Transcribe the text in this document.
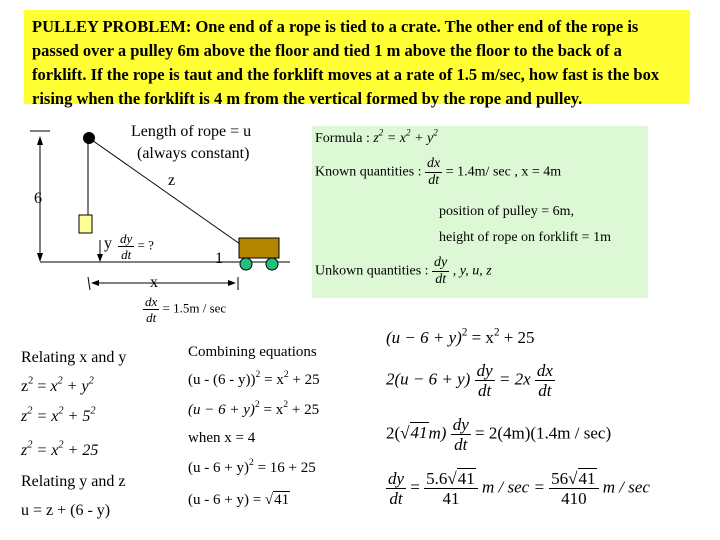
PULLEY PROBLEM: One end of a rope is tied to a crate. The other end of the rope is
passed over a pulley 6m above the floor and tied 1 m above the floor to the back of a
forklift. If the rope is taut and the forklift moves at a rate of 1.5 m/sec, how fast is the box
rising when the forklift is 4 m from the vertical formed by the rope and pulley.
Length of rope = u
(always constant)
z
6
y $\frac{dy}{dt}$ = ?
1
x
$\frac{dx}{dt} = 1.5m / \sec$
Formula : $z^2 = x^2 + y^2$
Known quantities : $\frac{dx}{dt} = 1.4m/$ sec , x = 4m
position of pulley = 6m,
height of rope on forklift = 1m
Unkown quantities : $\frac{dy}{dt}$ , y, u, z
Relating x and y
$z^2 = x^2 + y^2$
$z^2 = x^2 + 5^2$
$z^2 = x^2 + 25$
Relating y and z
u = z + (6 - y)
Combining equations
$(u - (6 - y))^2 = x^2 + 25$
$(u - 6 + y)^2 = x^2 + 25$
when x = 4
$(u - 6 + y)^2 = 16 + 25$
(u - 6 + y) = √41
$(u - 6 + y)^2 = x^2 + 25$
$2(u - 6 + y) \frac{dy}{dt} = 2x \frac{dx}{dt}$
$2(√41m) \frac{dy}{dt} = 2(4m)(1.4m / \sec)$
$\frac{dy}{dt} = \frac{5.6√41}{41}$ $m / \sec = \frac{56√41}{410}$ m / sec
